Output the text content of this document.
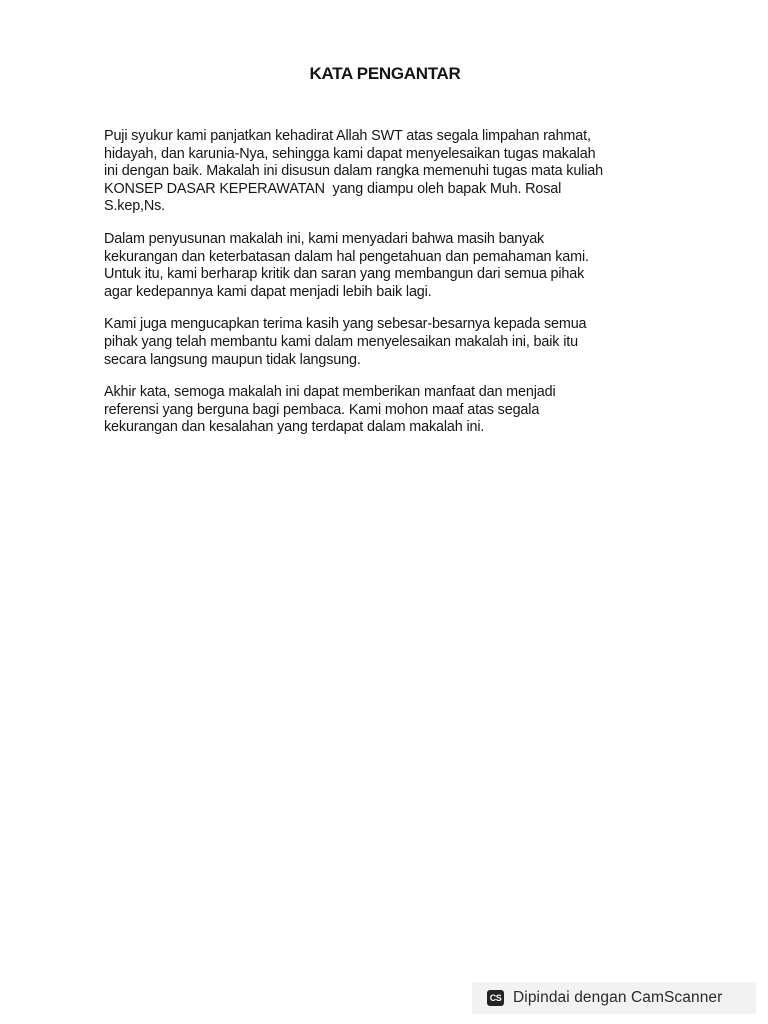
KATA PENGANTAR

Puji syukur kami panjatkan kehadirat Allah SWT atas segala limpahan rahmat,
hidayah, dan karunia-Nya, sehingga kami dapat menyelesaikan tugas makalah
ini dengan baik. Makalah ini disusun dalam rangka memenuhi tugas mata kuliah
KONSEP DASAR KEPERAWATAN  yang diampu oleh bapak Muh. Rosal
S.kep,Ns.

Dalam penyusunan makalah ini, kami menyadari bahwa masih banyak
kekurangan dan keterbatasan dalam hal pengetahuan dan pemahaman kami.
Untuk itu, kami berharap kritik dan saran yang membangun dari semua pihak
agar kedepannya kami dapat menjadi lebih baik lagi.

Kami juga mengucapkan terima kasih yang sebesar-besarnya kepada semua
pihak yang telah membantu kami dalam menyelesaikan makalah ini, baik itu
secara langsung maupun tidak langsung.

Akhir kata, semoga makalah ini dapat memberikan manfaat dan menjadi
referensi yang berguna bagi pembaca. Kami mohon maaf atas segala
kekurangan dan kesalahan yang terdapat dalam makalah ini.

CS Dipindai dengan CamScanner
